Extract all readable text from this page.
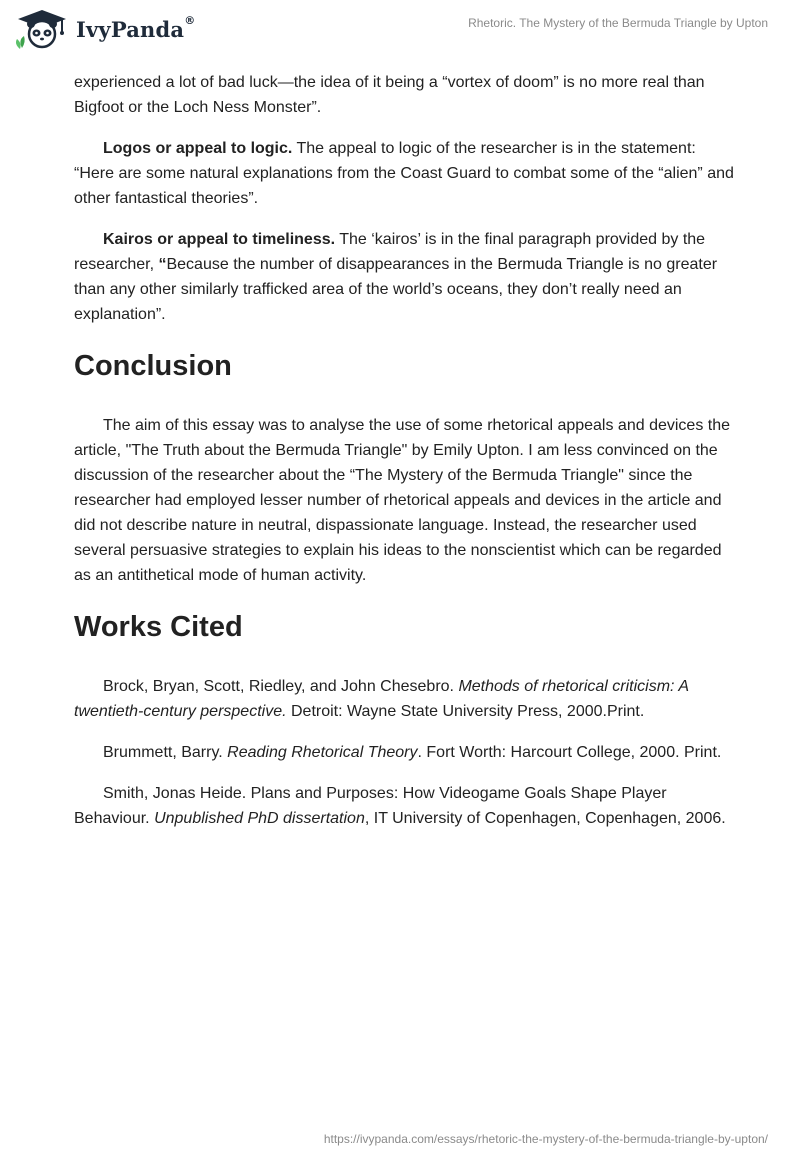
IvyPanda®	Rhetoric. The Mystery of the Bermuda Triangle by Upton

experienced a lot of bad luck—the idea of it being a “vortex of doom” is no more real than Bigfoot or the Loch Ness Monster”.

Logos or appeal to logic. The appeal to logic of the researcher is in the statement: “Here are some natural explanations from the Coast Guard to combat some of the “alien” and other fantastical theories”.

Kairos or appeal to timeliness. The ‘kairos’ is in the final paragraph provided by the researcher, “Because the number of disappearances in the Bermuda Triangle is no greater than any other similarly trafficked area of the world’s oceans, they don’t really need an explanation”.

Conclusion

The aim of this essay was to analyse the use of some rhetorical appeals and devices the article, "The Truth about the Bermuda Triangle" by Emily Upton. I am less convinced on the discussion of the researcher about the “The Mystery of the Bermuda Triangle" since the researcher had employed lesser number of rhetorical appeals and devices in the article and did not describe nature in neutral, dispassionate language. Instead, the researcher used several persuasive strategies to explain his ideas to the nonscientist which can be regarded as an antithetical mode of human activity.

Works Cited

Brock, Bryan, Scott, Riedley, and John Chesebro. Methods of rhetorical criticism: A twentieth-century perspective. Detroit: Wayne State University Press, 2000.Print.

Brummett, Barry. Reading Rhetorical Theory. Fort Worth: Harcourt College, 2000. Print.

Smith, Jonas Heide. Plans and Purposes: How Videogame Goals Shape Player Behaviour. Unpublished PhD dissertation, IT University of Copenhagen, Copenhagen, 2006.

https://ivypanda.com/essays/rhetoric-the-mystery-of-the-bermuda-triangle-by-upton/
